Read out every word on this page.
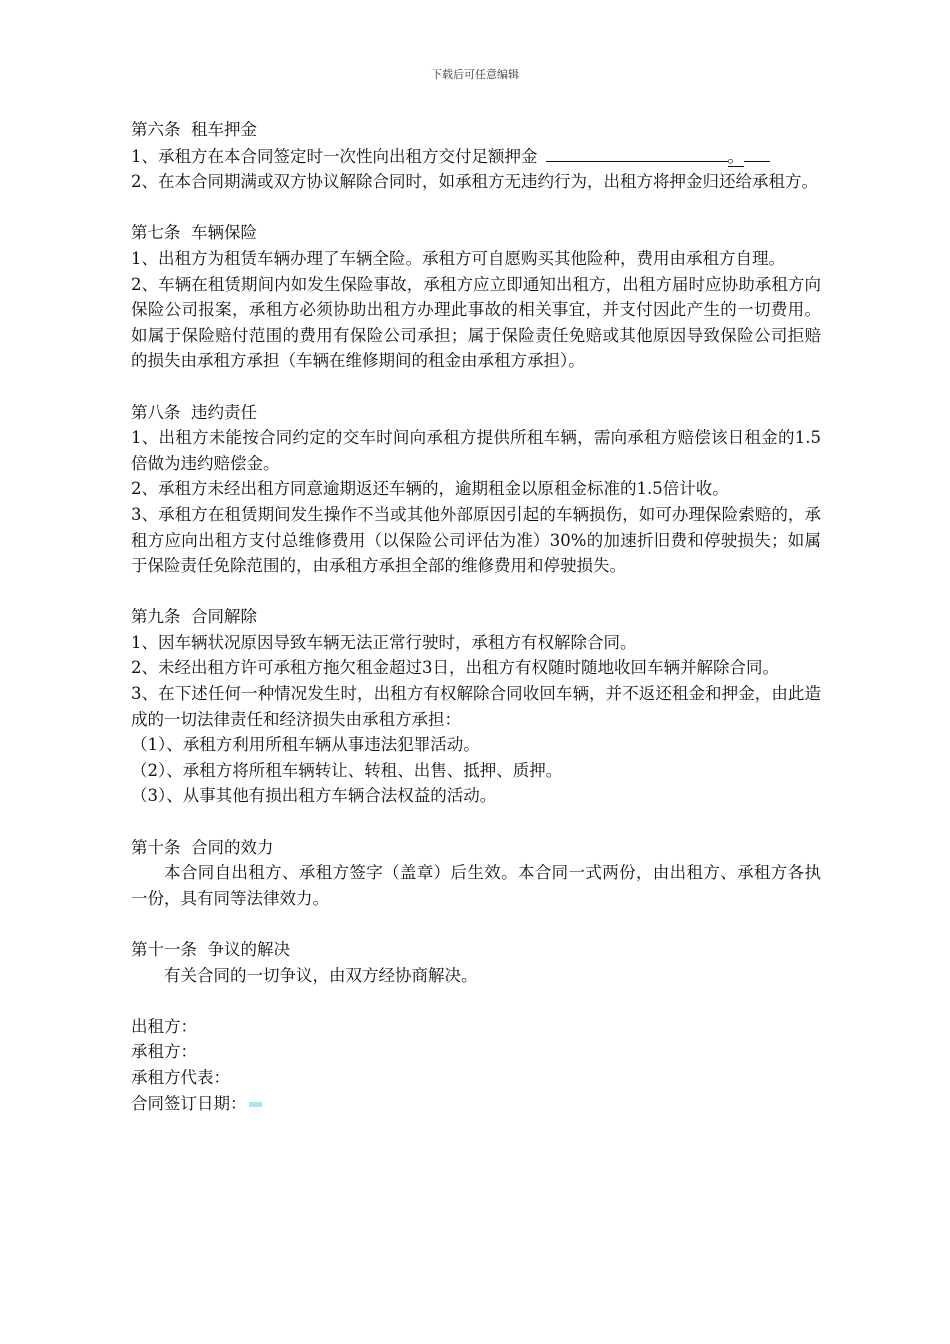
下载后可任意编辑
第六条  租车押金
1、承租方在本合同签定时一次性向出租方交付足额押金	。
2、在本合同期满或双方协议解除合同时，如承租方无违约行为，出租方将押金归还给承租方。
第七条  车辆保险
1、出租方为租赁车辆办理了车辆全险。承租方可自愿购买其他险种，费用由承租方自理。
2、车辆在租赁期间内如发生保险事故，承租方应立即通知出租方，出租方届时应协助承租方向保险公司报案，承租方必须协助出租方办理此事故的相关事宜，并支付因此产生的一切费用。如属于保险赔付范围的费用有保险公司承担；属于保险责任免赔或其他原因导致保险公司拒赔的损失由承租方承担（车辆在维修期间的租金由承租方承担）。
第八条  违约责任
1、出租方未能按合同约定的交车时间向承租方提供所租车辆，需向承租方赔偿该日租金的1.5倍做为违约赔偿金。
2、承租方未经出租方同意逾期返还车辆的，逾期租金以原租金标准的1.5倍计收。
3、承租方在租赁期间发生操作不当或其他外部原因引起的车辆损伤，如可办理保险索赔的，承租方应向出租方支付总维修费用（以保险公司评估为准）30%的加速折旧费和停驶损失；如属于保险责任免除范围的，由承租方承担全部的维修费用和停驶损失。
第九条  合同解除
1、因车辆状况原因导致车辆无法正常行驶时，承租方有权解除合同。
2、未经出租方许可承租方拖欠租金超过3日，出租方有权随时随地收回车辆并解除合同。
3、在下述任何一种情况发生时，出租方有权解除合同收回车辆，并不返还租金和押金，由此造成的一切法律责任和经济损失由承租方承担：
（1）、承租方利用所租车辆从事违法犯罪活动。
（2）、承租方将所租车辆转让、转租、出售、抵押、质押。
（3）、从事其他有损出租方车辆合法权益的活动。
第十条  合同的效力
本合同自出租方、承租方签字（盖章）后生效。本合同一式两份，由出租方、承租方各执一份，具有同等法律效力。
第十一条  争议的解决
有关合同的一切争议，由双方经协商解决。
出租方：
承租方：
承租方代表：
合同签订日期：
